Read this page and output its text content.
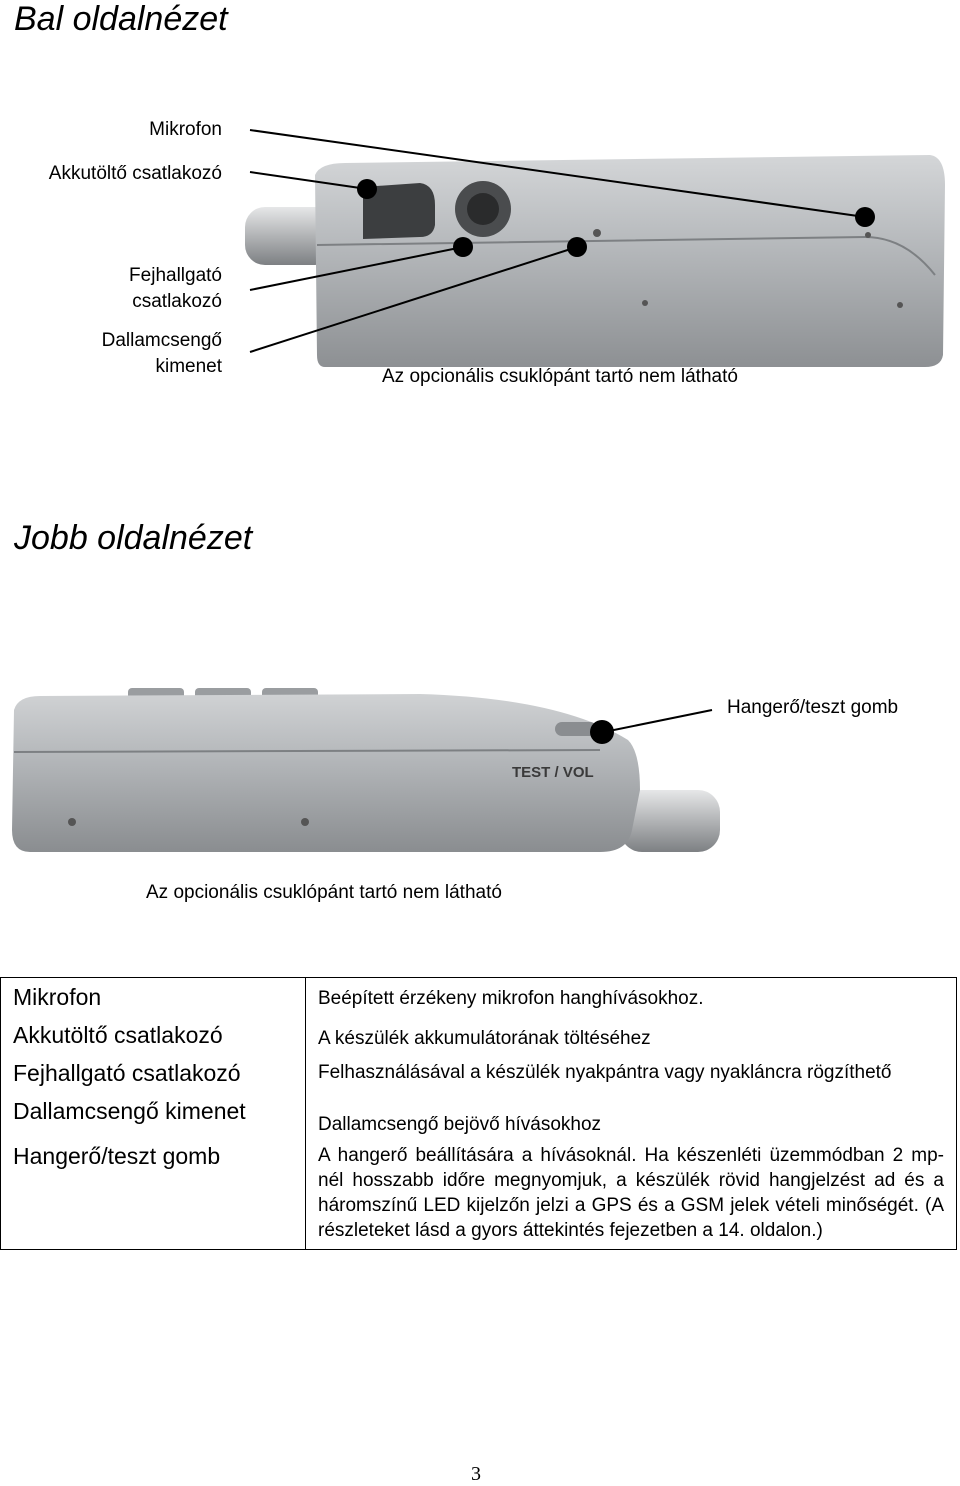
Bal oldalnézet
Mikrofon
Akkutöltő csatlakozó
Fejhallgató
csatlakozó
Dallamcsengő
kimenet	Az opcionális csuklópánt tartó nem látható
Jobb oldalnézet
Hangerő/teszt gomb
TEST / VOL
Az opcionális csuklópánt tartó nem látható
Mikrofon	Beépített érzékeny mikrofon hanghívásokhoz.
Akkutöltő csatlakozó	A készülék akkumulátorának töltéséhez
Fejhallgató csatlakozó	Felhasználásával a készülék nyakpántra vagy nyakláncra rögzíthető
Dallamcsengő kimenet	Dallamcsengő bejövő hívásokhoz
Hangerő/teszt gomb	A hangerő beállítására a hívásoknál. Ha készenléti üzemmódban 2 mp-nél hosszabb időre megnyomjuk, a készülék rövid hangjelzést ad és a háromszínű LED kijelzőn jelzi a GPS és a GSM jelek vételi minőségét. (A részleteket lásd a gyors áttekintés fejezetben a 14. oldalon.)
3
